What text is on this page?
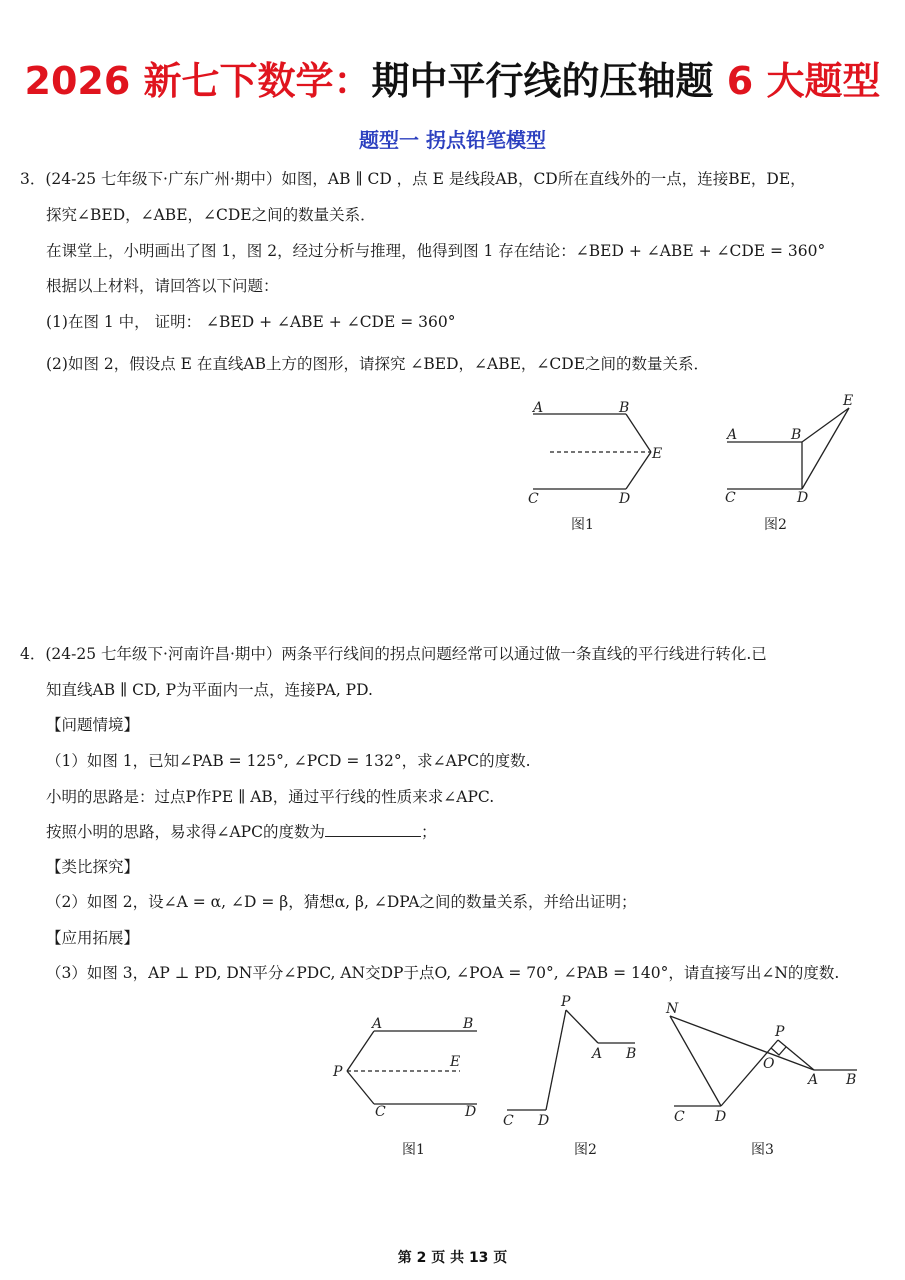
2026 新七下数学：期中平行线的压轴题 6 大题型
题型一 拐点铅笔模型
3．(24-25 七年级下·广东广州·期中）如图，AB ∥ CD ，点 E 是线段AB，CD所在直线外的一点，连接BE，DE，
探究∠BED，∠ABE，∠CDE之间的数量关系．
在课堂上，小明画出了图 1，图 2，经过分析与推理，他得到图 1 存在结论：∠BED + ∠ABE + ∠CDE = 360°
根据以上材料，请回答以下问题：
(1)在图 1 中， 证明： ∠BED + ∠ABE + ∠CDE = 360°
(2)如图 2，假设点 E 在直线AB上方的图形，请探究 ∠BED，∠ABE，∠CDE之间的数量关系．
A	B
E
C	D
图1
A	B
E
C	D
图2
4．(24-25 七年级下·河南许昌·期中）两条平行线间的拐点问题经常可以通过做一条直线的平行线进行转化.已
知直线AB ∥ CD, P为平面内一点，连接PA, PD.
【问题情境】
（1）如图 1，已知∠PAB = 125°, ∠PCD = 132°，求∠APC的度数.
小明的思路是：过点P作PE ∥ AB，通过平行线的性质来求∠APC.
按照小明的思路，易求得∠APC的度数为	；
【类比探究】
（2）如图 2，设∠A = α, ∠D = β，猜想α, β, ∠DPA之间的数量关系，并给出证明；
【应用拓展】
（3）如图 3，AP ⊥ PD, DN平分∠PDC, AN交DP于点O, ∠POA = 70°, ∠PAB = 140°，请直接写出∠N的度数.
A	B
P
E
C	D
图1
P
A B
C D
图2
N
P
O
A B
C D
图3
第 2 页 共 13 页
